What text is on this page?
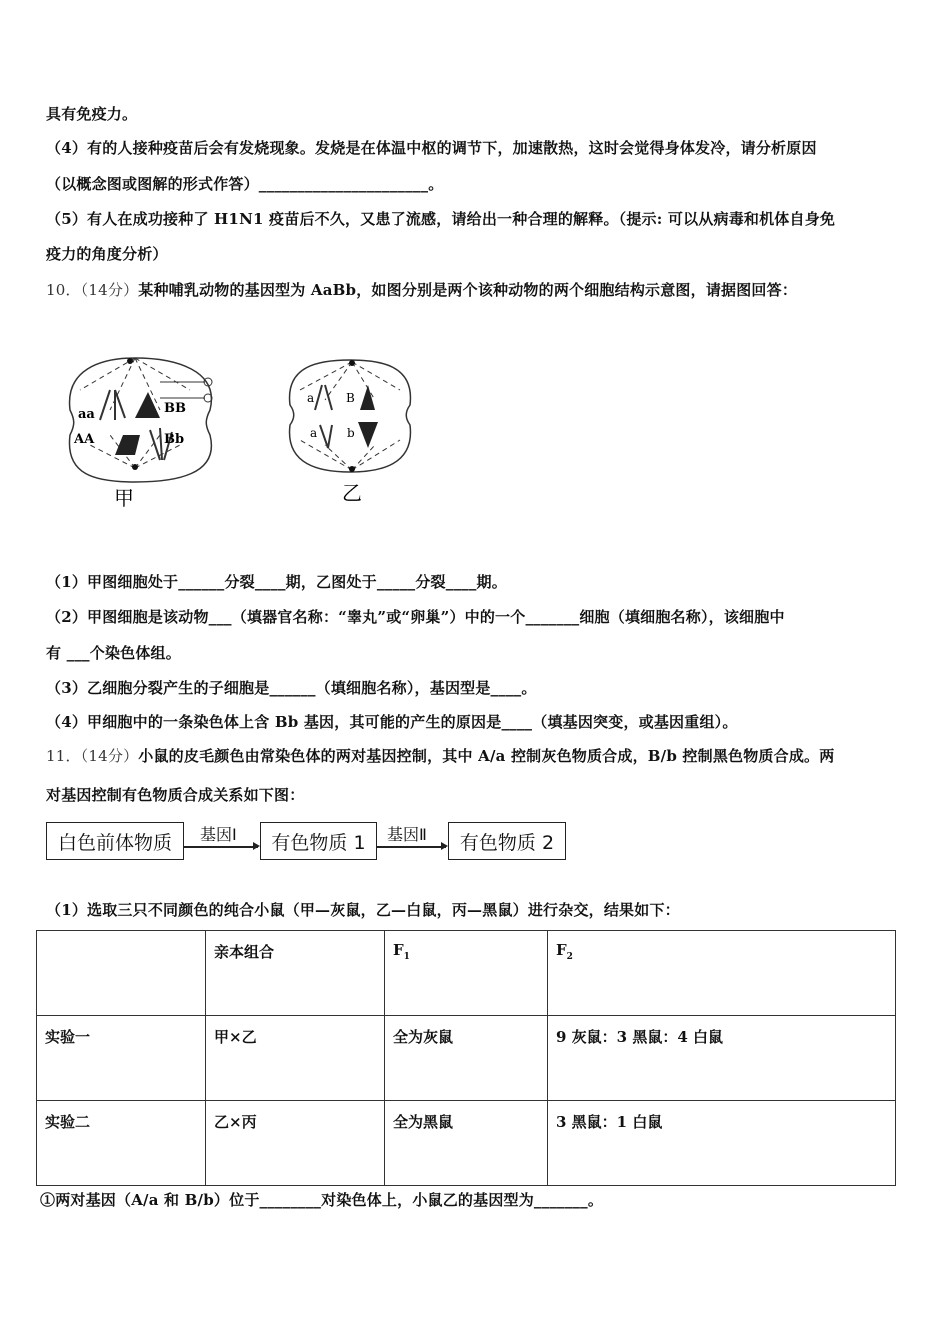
具有免疫力。
（4）有的人接种疫苗后会有发烧现象。发烧是在体温中枢的调节下，加速散热，这时会觉得身体发冷，请分析原因
（以概念图或图解的形式作答）______________________。
（5）有人在成功接种了 H1N1 疫苗后不久，又患了流感，请给出一种合理的解释。（提示: 可以从病毒和机体自身免
疫力的角度分析）
10．（14分）某种哺乳动物的基因型为 AaBb，如图分别是两个该种动物的两个细胞结构示意图，请据图回答：
aa
AA
BB
Bb
甲
a
a
B
b
乙
（1）甲图细胞处于______分裂____期，乙图处于_____分裂____期。
（2）甲图细胞是该动物___（填器官名称：“睾丸”或“卵巢”）中的一个_______细胞（填细胞名称），该细胞中
有 ___个染色体组。
（3）乙细胞分裂产生的子细胞是______（填细胞名称），基因型是____。
（4）甲细胞中的一条染色体上含 Bb 基因，其可能的产生的原因是____（填基因突变，或基因重组）。
11．（14分）小鼠的皮毛颜色由常染色体的两对基因控制，其中 A/a 控制灰色物质合成，B/b 控制黑色物质合成。两
对基因控制有色物质合成关系如下图：
白色前体物质	基因Ⅰ	有色物质 1	基因Ⅱ	有色物质 2
（1）选取三只不同颜色的纯合小鼠（甲—灰鼠，乙—白鼠，丙—黑鼠）进行杂交，结果如下：
	亲本组合	$F_1$	$F_2$
实验一	甲×乙	全为灰鼠	9 灰鼠：3 黑鼠：4 白鼠
实验二	乙×丙	全为黑鼠	3 黑鼠：1 白鼠
①两对基因（A/a 和 B/b）位于________对染色体上，小鼠乙的基因型为_______。
